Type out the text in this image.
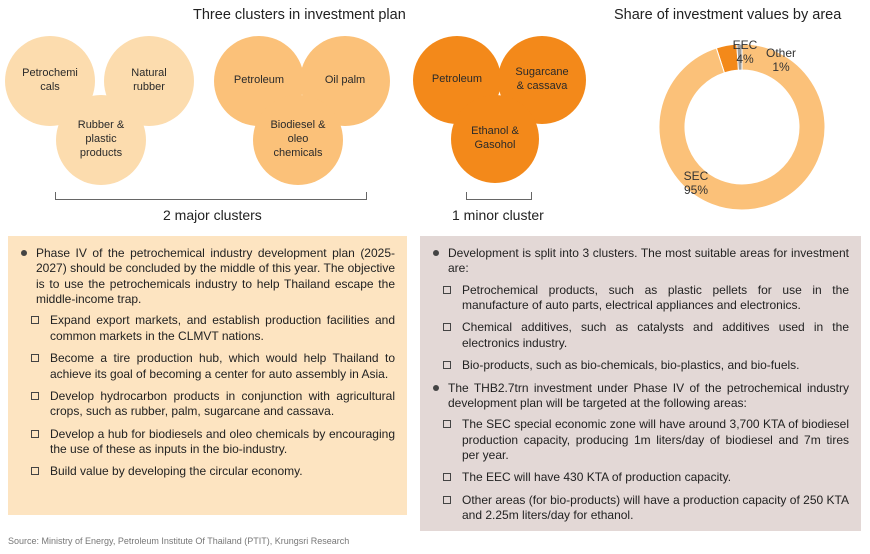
Three clusters in investment plan	Share of investment values by area
Petrochemi cals
Natural rubber
Rubber & plastic products
Petroleum	Oil palm
Biodiesel & oleo chemicals
Petroleum
Sugarcane & cassava
Ethanol & Gasohol
2 major clusters	1 minor cluster
SEC
95%
EEC
4% Other
1%
Phase IV of the petrochemical industry development plan (2025-2027) should be concluded by the middle of this year. The objective is to use the petrochemicals industry to help Thailand escape the middle-income trap.
Expand export markets, and establish production facilities and common markets in the CLMVT nations.
Become a tire production hub, which would help Thailand to achieve its goal of becoming a center for auto assembly in Asia.
Develop hydrocarbon products in conjunction with agricultural crops, such as rubber, palm, sugarcane and cassava.
Develop a hub for biodiesels and oleo chemicals by encouraging the use of these as inputs in the bio-industry.
Build value by developing the circular economy.
Development is split into 3 clusters. The most suitable areas for investment are:
Petrochemical products, such as plastic pellets for use in the manufacture of auto parts, electrical appliances and electronics.
Chemical additives, such as catalysts and additives used in the electronics industry.
Bio-products, such as bio-chemicals, bio-plastics, and bio-fuels.
The THB2.7trn investment under Phase IV of the petrochemical industry development plan will be targeted at the following areas:
The SEC special economic zone will have around 3,700 KTA of biodiesel production capacity, producing 1m liters/day of biodiesel and 7m tires per year.
The EEC will have 430 KTA of production capacity.
Other areas (for bio-products) will have a production capacity of 250 KTA and 2.25m liters/day for ethanol.
Source: Ministry of Energy, Petroleum Institute Of Thailand (PTIT), Krungsri Research
